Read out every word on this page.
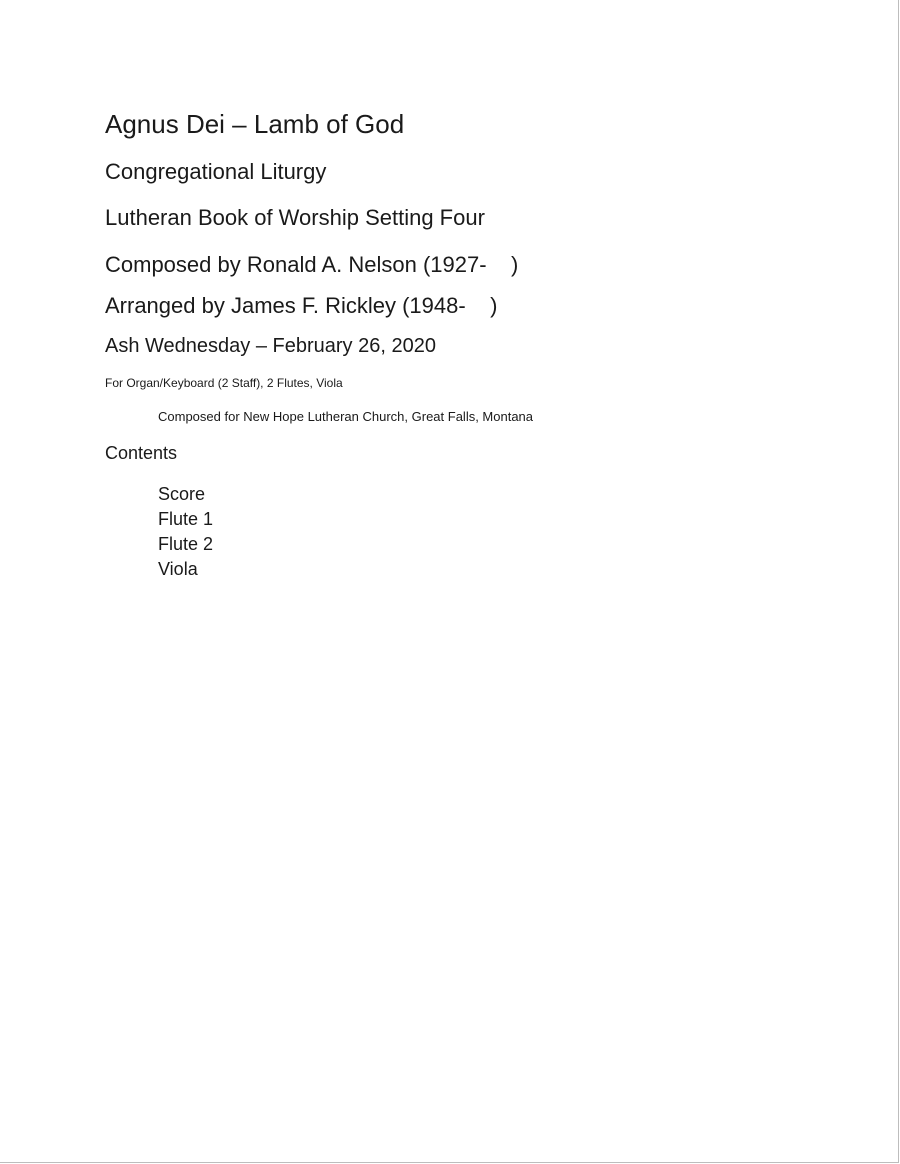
Agnus Dei – Lamb of God
Congregational Liturgy
Lutheran Book of Worship Setting Four
Composed by Ronald A. Nelson (1927-    )
Arranged by James F. Rickley (1948-    )
Ash Wednesday – February 26, 2020
For Organ/Keyboard (2 Staff), 2 Flutes, Viola
Composed for New Hope Lutheran Church, Great Falls, Montana
Contents
Score
Flute 1
Flute 2
Viola
